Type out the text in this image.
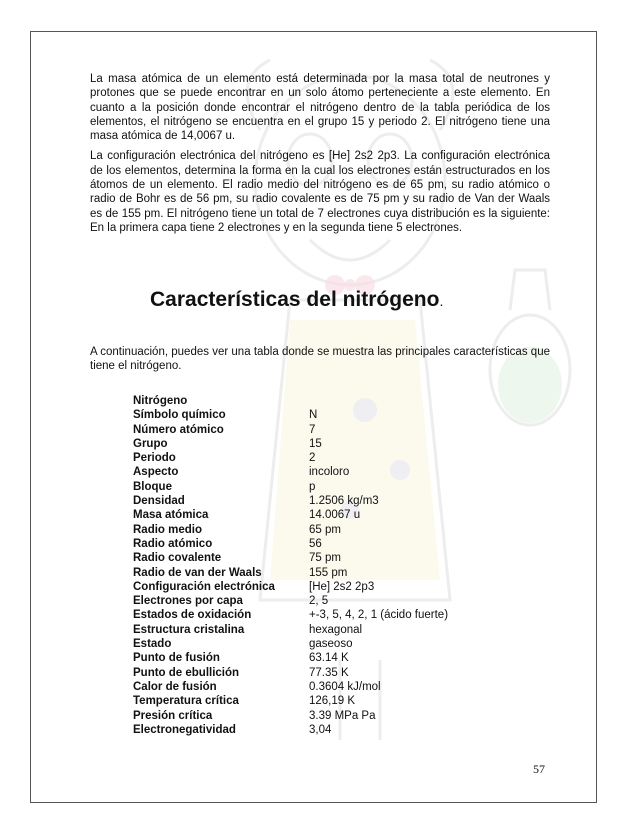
La masa atómica de un elemento está determinada por la masa total de neutrones y protones que se puede encontrar en un solo átomo perteneciente a este elemento. En cuanto a la posición donde encontrar el nitrógeno dentro de la tabla periódica de los elementos, el nitrógeno se encuentra en el grupo 15 y periodo 2. El nitrógeno tiene una masa atómica de 14,0067 u.

La configuración electrónica del nitrógeno es [He] 2s2 2p3. La configuración electrónica de los elementos, determina la forma en la cual los electrones están estructurados en los átomos de un elemento. El radio medio del nitrógeno es de 65 pm, su radio atómico o radio de Bohr es de 56 pm, su radio covalente es de 75 pm y su radio de Van der Waals es de 155 pm. El nitrógeno tiene un total de 7 electrones cuya distribución es la siguiente: En la primera capa tiene 2 electrones y en la segunda tiene 5 electrones.

Características del nitrógeno.

A continuación, puedes ver una tabla donde se muestra las principales características que tiene el nitrógeno.

Nitrógeno	
Símbolo químico	N
Número atómico	7
Grupo	15
Periodo	2
Aspecto	incoloro
Bloque	p
Densidad	1.2506 kg/m3
Masa atómica	14.0067 u
Radio medio	65 pm
Radio atómico	56
Radio covalente	75 pm
Radio de van der Waals	155 pm
Configuración electrónica	[He] 2s2 2p3
Electrones por capa	2, 5
Estados de oxidación	+-3, 5, 4, 2, 1 (ácido fuerte)
Estructura cristalina	hexagonal
Estado	gaseoso
Punto de fusión	63.14 K
Punto de ebullición	77.35 K
Calor de fusión	0.3604 kJ/mol
Temperatura crítica	126,19 K
Presión crítica	3.39 MPa Pa
Electronegatividad	3,04
57
